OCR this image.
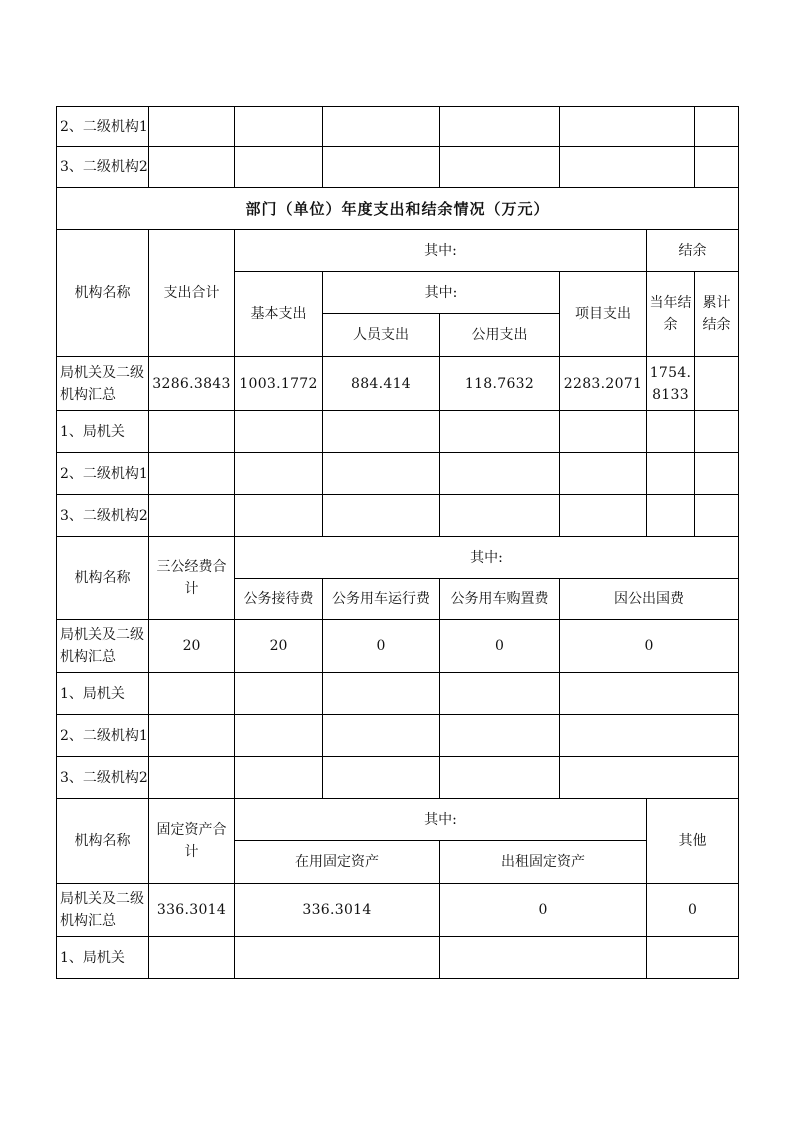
2、二级机构1							
3、二级机构2							
部门（单位）年度支出和结余情况（万元）							
机构名称	支出合计	其中:				结余	
		基本支出	其中:		项目支出	当年结余	累计结余
			人员支出	公用支出			
局机关及二级机构汇总	3286.3843	1003.1772	884.414	118.7632	2283.2071	1754.8133	
1、局机关							
2、二级机构1							
3、二级机构2							
机构名称	三公经费合计	其中:					
		公务接待费	公务用车运行费	公务用车购置费	因公出国费		
局机关及二级机构汇总	20	20	0	0	0		
1、局机关							
2、二级机构1							
3、二级机构2							
机构名称	固定资产合计	其中:				其他	
		在用固定资产		出租固定资产			
局机关及二级机构汇总	336.3014	336.3014		0		0	
1、局机关							
